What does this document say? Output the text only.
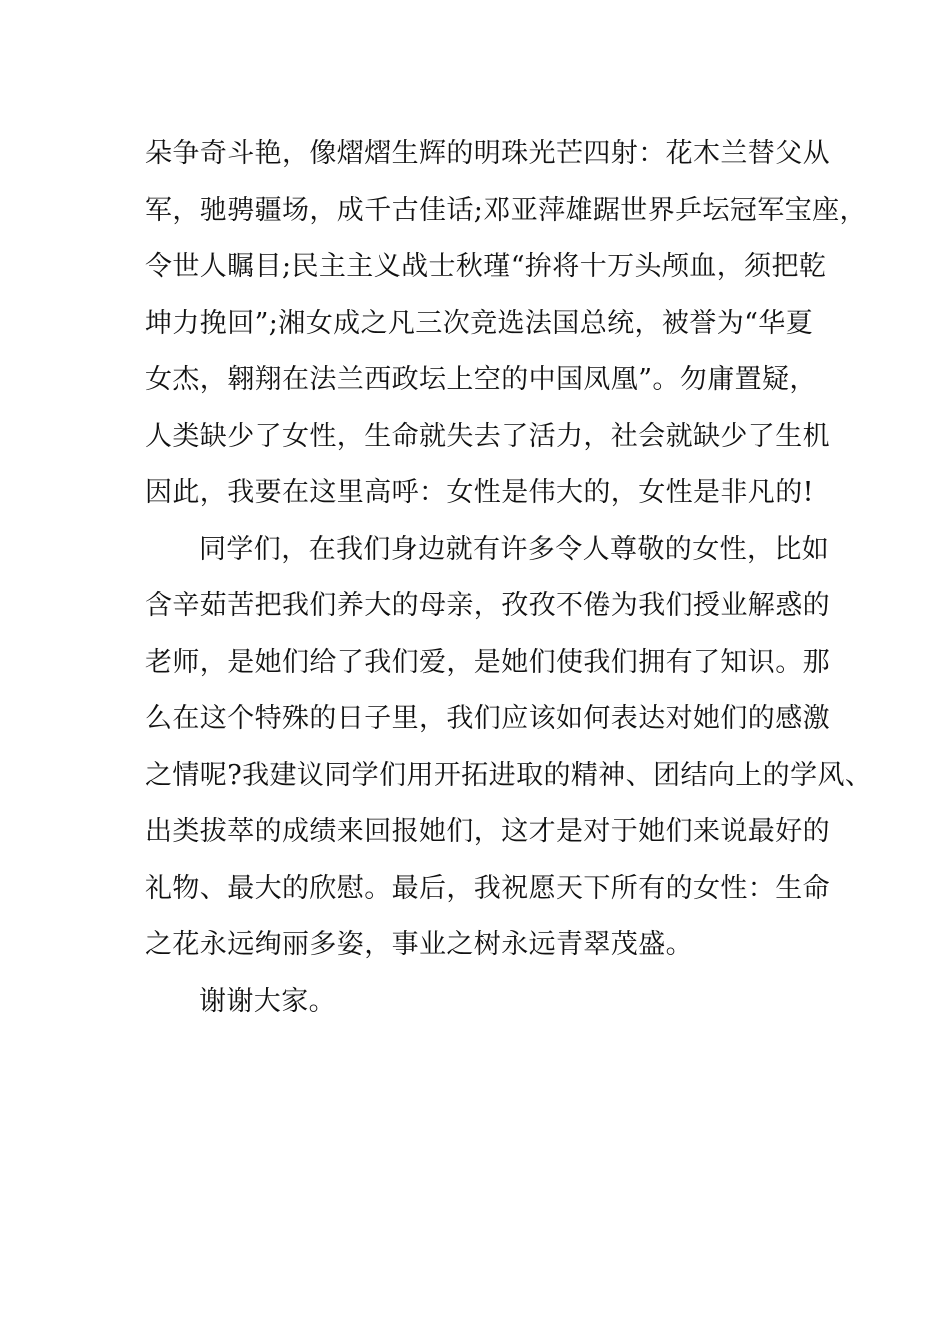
朵争奇斗艳，像熠熠生辉的明珠光芒四射：花木兰替父从
军，驰骋疆场，成千古佳话;邓亚萍雄踞世界乒坛冠军宝座，
令世人瞩目;民主主义战士秋瑾“拚将十万头颅血，须把乾
坤力挽回”;湘女成之凡三次竞选法国总统，被誉为“华夏
女杰，翱翔在法兰西政坛上空的中国凤凰”。勿庸置疑，
人类缺少了女性，生命就失去了活力，社会就缺少了生机
因此，我要在这里高呼：女性是伟大的，女性是非凡的!
同学们，在我们身边就有许多令人尊敬的女性，比如
含辛茹苦把我们养大的母亲，孜孜不倦为我们授业解惑的
老师，是她们给了我们爱，是她们使我们拥有了知识。那
么在这个特殊的日子里，我们应该如何表达对她们的感激
之情呢?我建议同学们用开拓进取的精神、团结向上的学风、
出类拔萃的成绩来回报她们，这才是对于她们来说最好的
礼物、最大的欣慰。最后，我祝愿天下所有的女性：生命
之花永远绚丽多姿，事业之树永远青翠茂盛。
谢谢大家。
